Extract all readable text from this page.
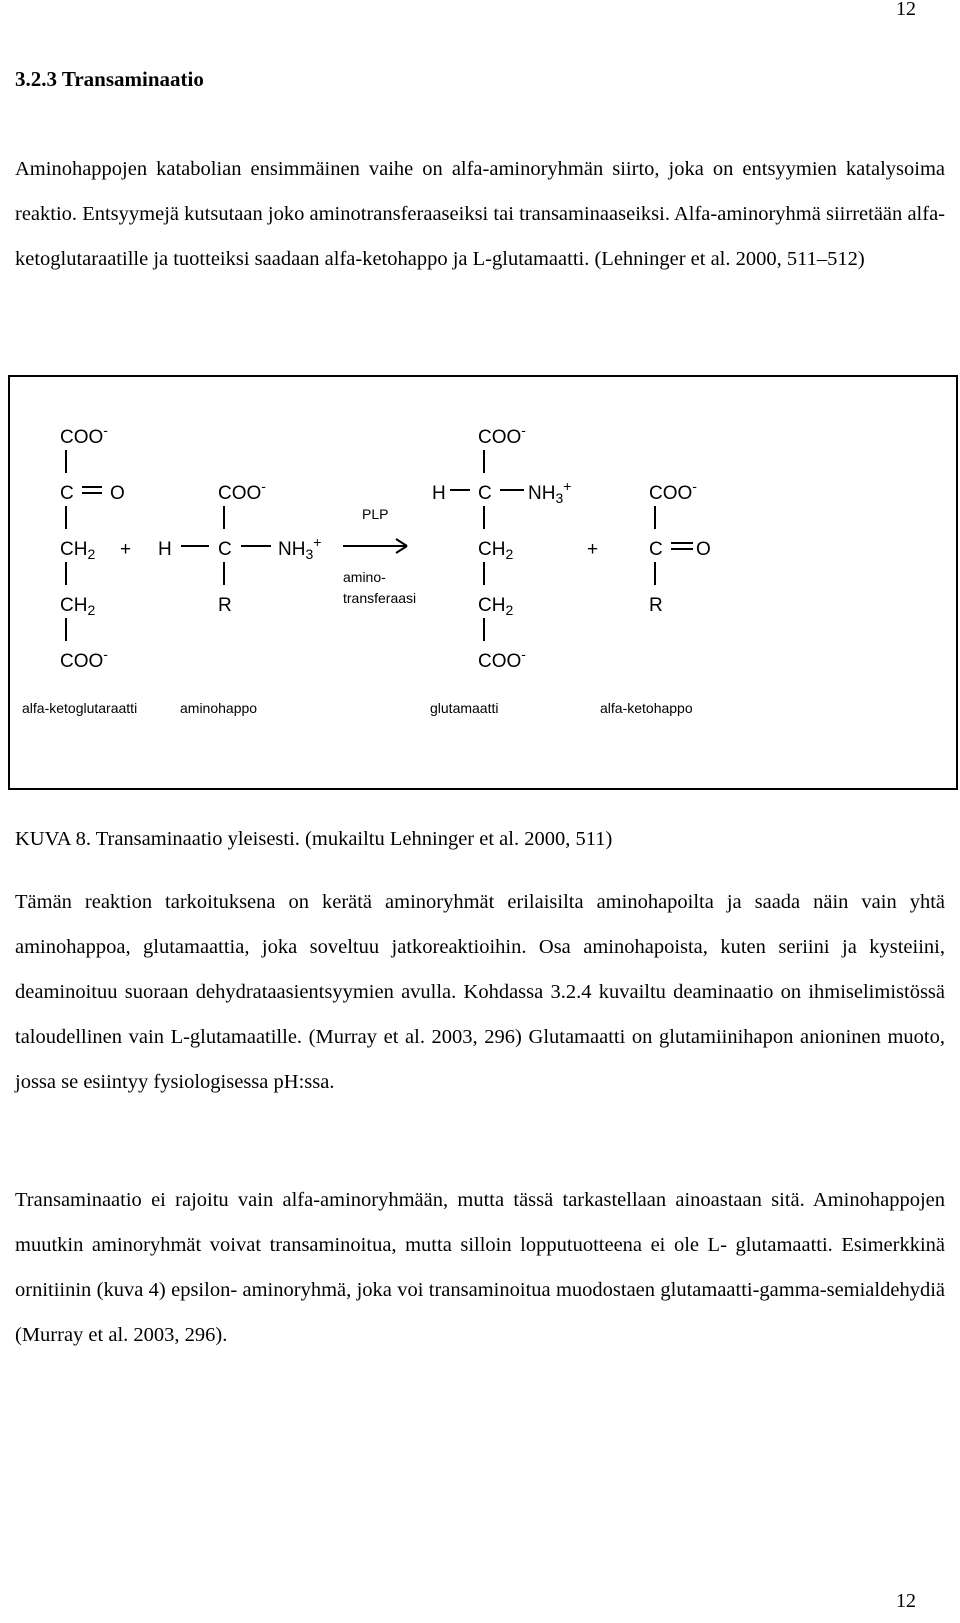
12
3.2.3 Transaminaatio

Aminohappojen katabolian ensimmäinen vaihe on alfa-aminoryhmän siirto, joka on entsyymien katalysoima reaktio. Entsyymejä kutsutaan joko aminotransferaaseiksi tai transaminaaseiksi. Alfa-aminoryhmä siirretään alfa-ketoglutaraatille ja tuotteiksi saadaan alfa-ketohappo ja L-glutamaatti. (Lehninger et al. 2000, 511–512)

COO-
C O
$CH_2$
$CH_2$
COO-
+
COO-
H C $NH_3^+$
R
PLP
amino-
transferaasi
COO-
H C $NH_3^+$
$CH_2$
$CH_2$
COO-
+
COO-
C O
R
alfa-ketoglutaraatti	aminohappo	glutamaatti	alfa-ketohappo
KUVA 8. Transaminaatio yleisesti. (mukailtu Lehninger et al. 2000, 511)

Tämän reaktion tarkoituksena on kerätä aminoryhmät erilaisilta aminohapoilta ja saada näin vain yhtä aminohappoa, glutamaattia, joka soveltuu jatkoreaktioihin. Osa aminohapoista, kuten seriini ja kysteiini, deaminoituu suoraan dehydrataasientsyymien avulla. Kohdassa 3.2.4 kuvailtu deaminaatio on ihmiselimistössä taloudellinen vain L-glutamaatille. (Murray et al. 2003, 296) Glutamaatti on glutamiinihapon anioninen muoto, jossa se esiintyy fysiologisessa pH:ssa.

Transaminaatio ei rajoitu vain alfa-aminoryhmään, mutta tässä tarkastellaan ainoastaan sitä. Aminohappojen muutkin aminoryhmät voivat transaminoitua, mutta silloin lopputuotteena ei ole L- glutamaatti. Esimerkkinä ornitiinin (kuva 4) epsilon- aminoryhmä, joka voi transaminoitua muodostaen glutamaatti-gamma-semialdehydiä (Murray et al. 2003, 296).

12
